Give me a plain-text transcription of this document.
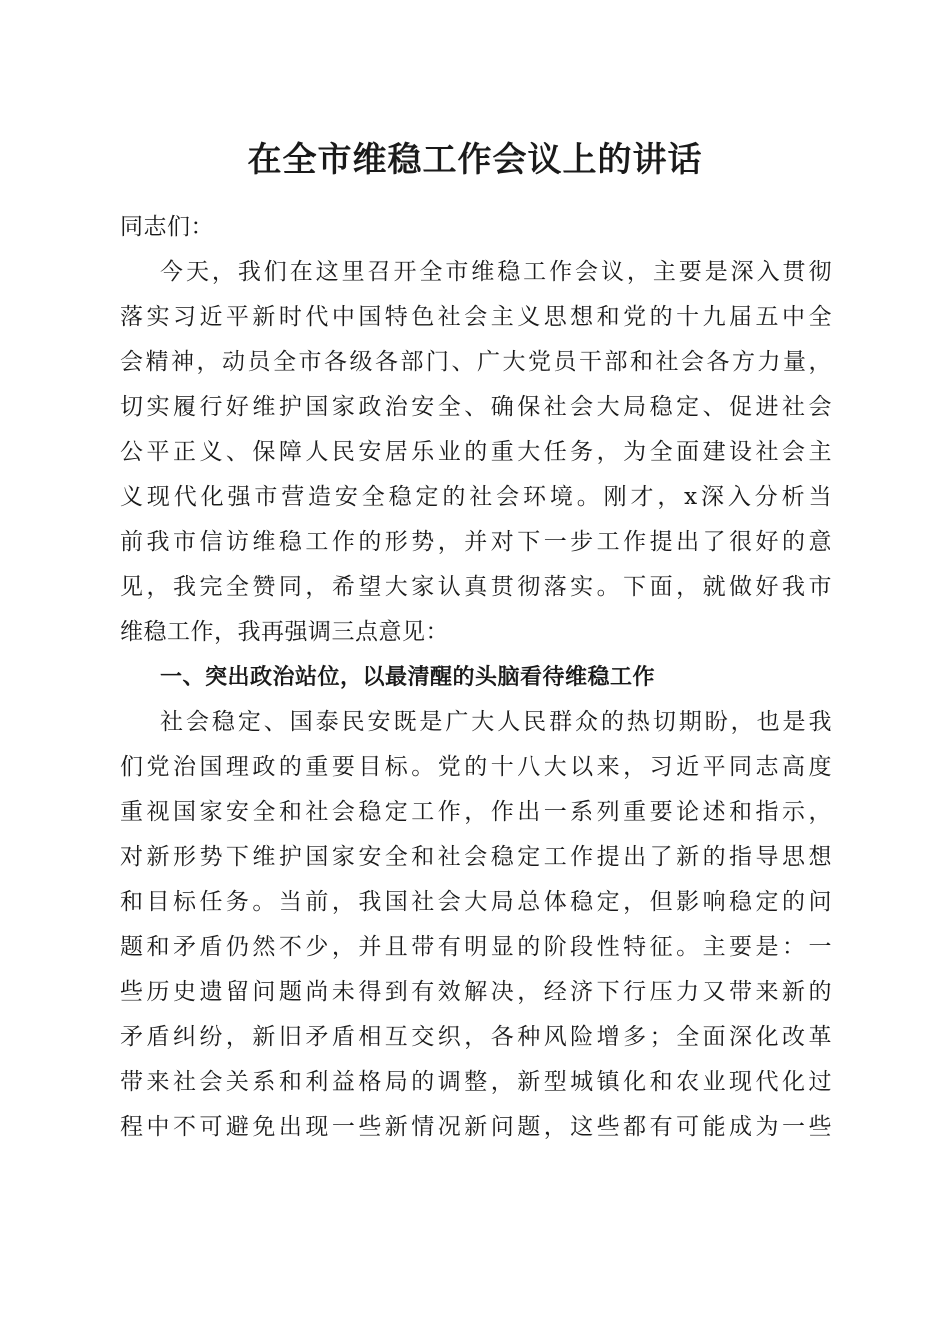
在全市维稳工作会议上的讲话
同志们：
今天，我们在这里召开全市维稳工作会议，主要是深入贯彻
落实习近平新时代中国特色社会主义思想和党的十九届五中全
会精神，动员全市各级各部门、广大党员干部和社会各方力量，
切实履行好维护国家政治安全、确保社会大局稳定、促进社会
公平正义、保障人民安居乐业的重大任务，为全面建设社会主
义现代化强市营造安全稳定的社会环境。刚才，x深入分析当
前我市信访维稳工作的形势，并对下一步工作提出了很好的意
见，我完全赞同，希望大家认真贯彻落实。下面，就做好我市
维稳工作，我再强调三点意见：
一、突出政治站位，以最清醒的头脑看待维稳工作
社会稳定、国泰民安既是广大人民群众的热切期盼，也是我
们党治国理政的重要目标。党的十八大以来，习近平同志高度
重视国家安全和社会稳定工作，作出一系列重要论述和指示，
对新形势下维护国家安全和社会稳定工作提出了新的指导思想
和目标任务。当前，我国社会大局总体稳定，但影响稳定的问
题和矛盾仍然不少，并且带有明显的阶段性特征。主要是：一
些历史遗留问题尚未得到有效解决，经济下行压力又带来新的
矛盾纠纷，新旧矛盾相互交织，各种风险增多；全面深化改革
带来社会关系和利益格局的调整，新型城镇化和农业现代化过
程中不可避免出现一些新情况新问题，这些都有可能成为一些
